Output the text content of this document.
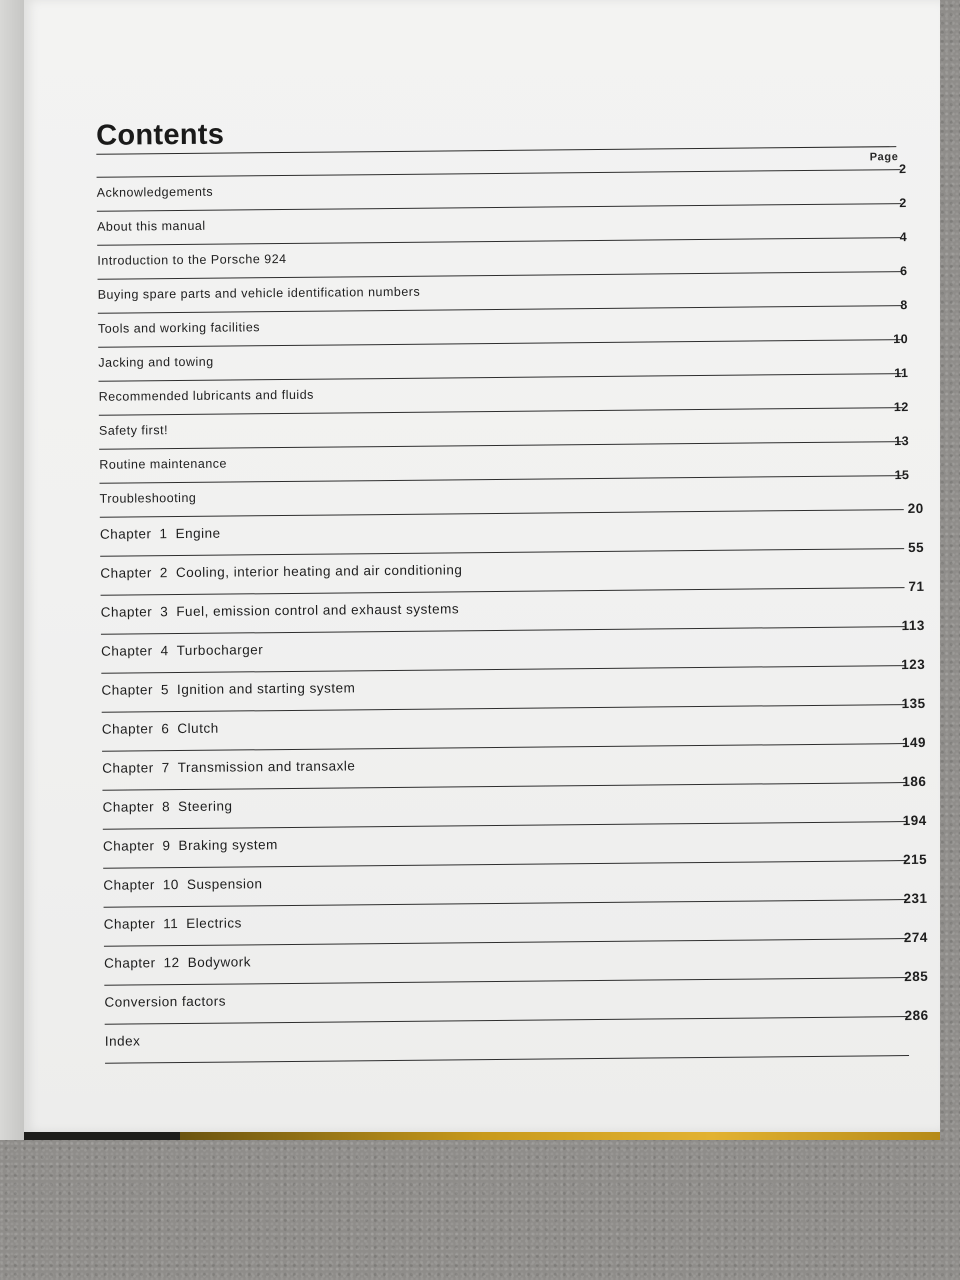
Contents
Page
Acknowledgements
2
About this manual
2
Introduction to the Porsche 924
4
Buying spare parts and vehicle identification numbers
6
Tools and working facilities
8
Jacking and towing
10
Recommended lubricants and fluids
11
Safety first!
12
Routine maintenance
13
Troubleshooting
15
Chapter 1 Engine
20
Chapter 2 Cooling, interior heating and air conditioning
55
Chapter 3 Fuel, emission control and exhaust systems
71
Chapter 4 Turbocharger
113
Chapter 5 Ignition and starting system
123
Chapter 6 Clutch
135
Chapter 7 Transmission and transaxle
149
Chapter 8 Steering
186
Chapter 9 Braking system
194
Chapter 10 Suspension
215
Chapter 11 Electrics
231
Chapter 12 Bodywork
274
Conversion factors
285
Index
286
